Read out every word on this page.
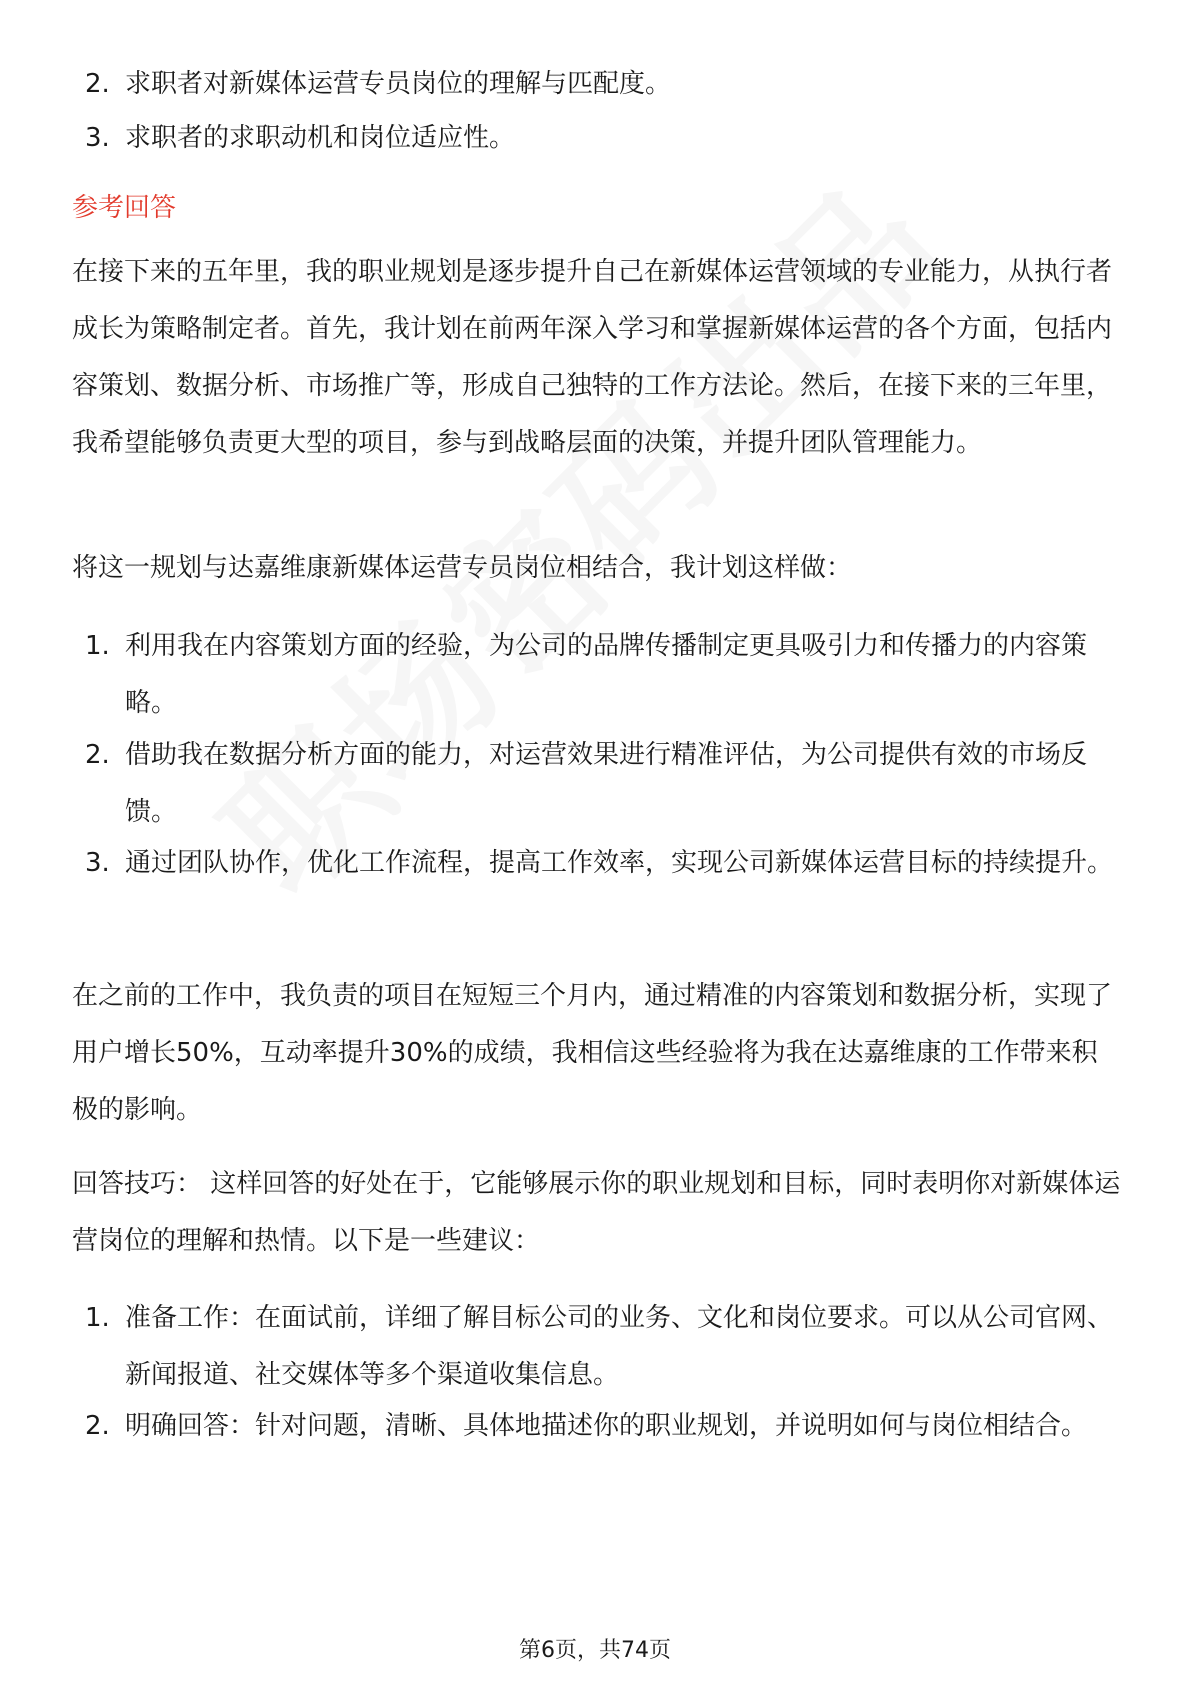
2. 求职者对新媒体运营专员岗位的理解与匹配度。
3. 求职者的求职动机和岗位适应性。
参考回答

在接下来的五年里，我的职业规划是逐步提升自己在新媒体运营领域的专业能力，从执行者成长为策略制定者。首先，我计划在前两年深入学习和掌握新媒体运营的各个方面，包括内容策划、数据分析、市场推广等，形成自己独特的工作方法论。然后，在接下来的三年里，我希望能够负责更大型的项目，参与到战略层面的决策，并提升团队管理能力。

将这一规划与达嘉维康新媒体运营专员岗位相结合，我计划这样做：

1. 利用我在内容策划方面的经验，为公司的品牌传播制定更具吸引力和传播力的内容策略。
2. 借助我在数据分析方面的能力，对运营效果进行精准评估，为公司提供有效的市场反馈。
3. 通过团队协作，优化工作流程，提高工作效率，实现公司新媒体运营目标的持续提升。

在之前的工作中，我负责的项目在短短三个月内，通过精准的内容策划和数据分析，实现了用户增长50%，互动率提升30%的成绩，我相信这些经验将为我在达嘉维康的工作带来积极的影响。

回答技巧： 这样回答的好处在于，它能够展示你的职业规划和目标，同时表明你对新媒体运营岗位的理解和热情。以下是一些建议：

1. 准备工作：在面试前，详细了解目标公司的业务、文化和岗位要求。可以从公司官网、新闻报道、社交媒体等多个渠道收集信息。
2. 明确回答：针对问题，清晰、具体地描述你的职业规划，并说明如何与岗位相结合。
第6页，共74页
